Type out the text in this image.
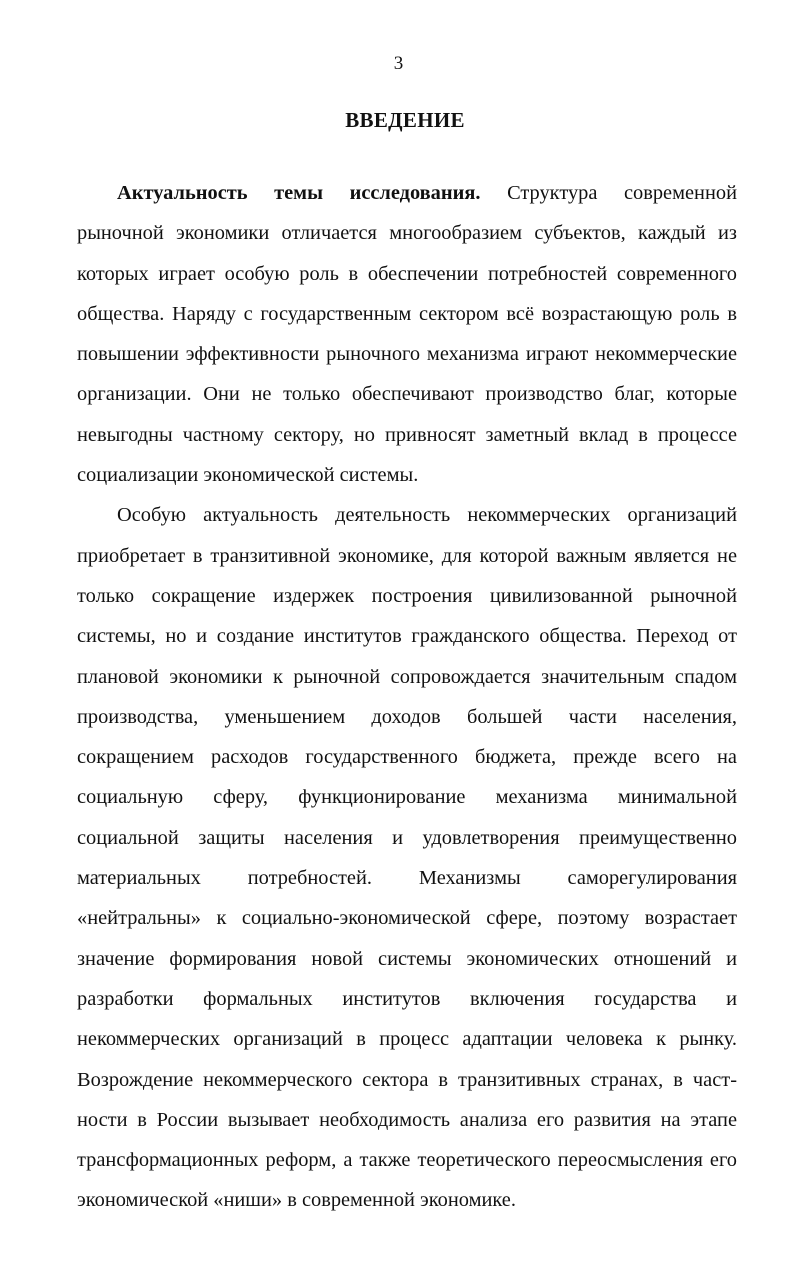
3
ВВЕДЕНИЕ

Актуальность темы исследования. Структура современной рыночной экономики отличается многообразием субъектов, каждый из которых играет особую роль в обеспечении потребностей современного общества. Наряду с государственным сектором всё возрастающую роль в повышении эффективности рыночного механизма играют некоммерческие организации. Они не только обеспечивают производство благ, которые невыгодны частному сектору, но привносят заметный вклад в процессе социализации экономической системы.

Особую актуальность деятельность некоммерческих организаций приобретает в транзитивной экономике, для которой важным является не только сокращение издержек построения цивилизованной рыночной системы, но и создание институтов гражданского общества. Переход от плановой экономики к рыночной сопровождается значительным спадом производства, уменьшением доходов большей части населения, сокращением расходов государственного бюджета, прежде всего на социальную сферу, функционирование механизма минимальной социальной защиты населения и удовлетворения преимущественно материальных потребностей. Механизмы саморегулирования «нейтральны» к социально-экономической сфере, поэтому возрастает значение формирования новой системы экономических отношений и разработки формальных институтов включения государства и некоммерческих организаций в процесс адаптации человека к рынку. Возрождение некоммерческого сектора в транзитивных странах, в частности в России вызывает необходимость анализа его развития на этапе трансформационных реформ, а также теоретического переосмысления его экономической «ниши» в современной экономике.
